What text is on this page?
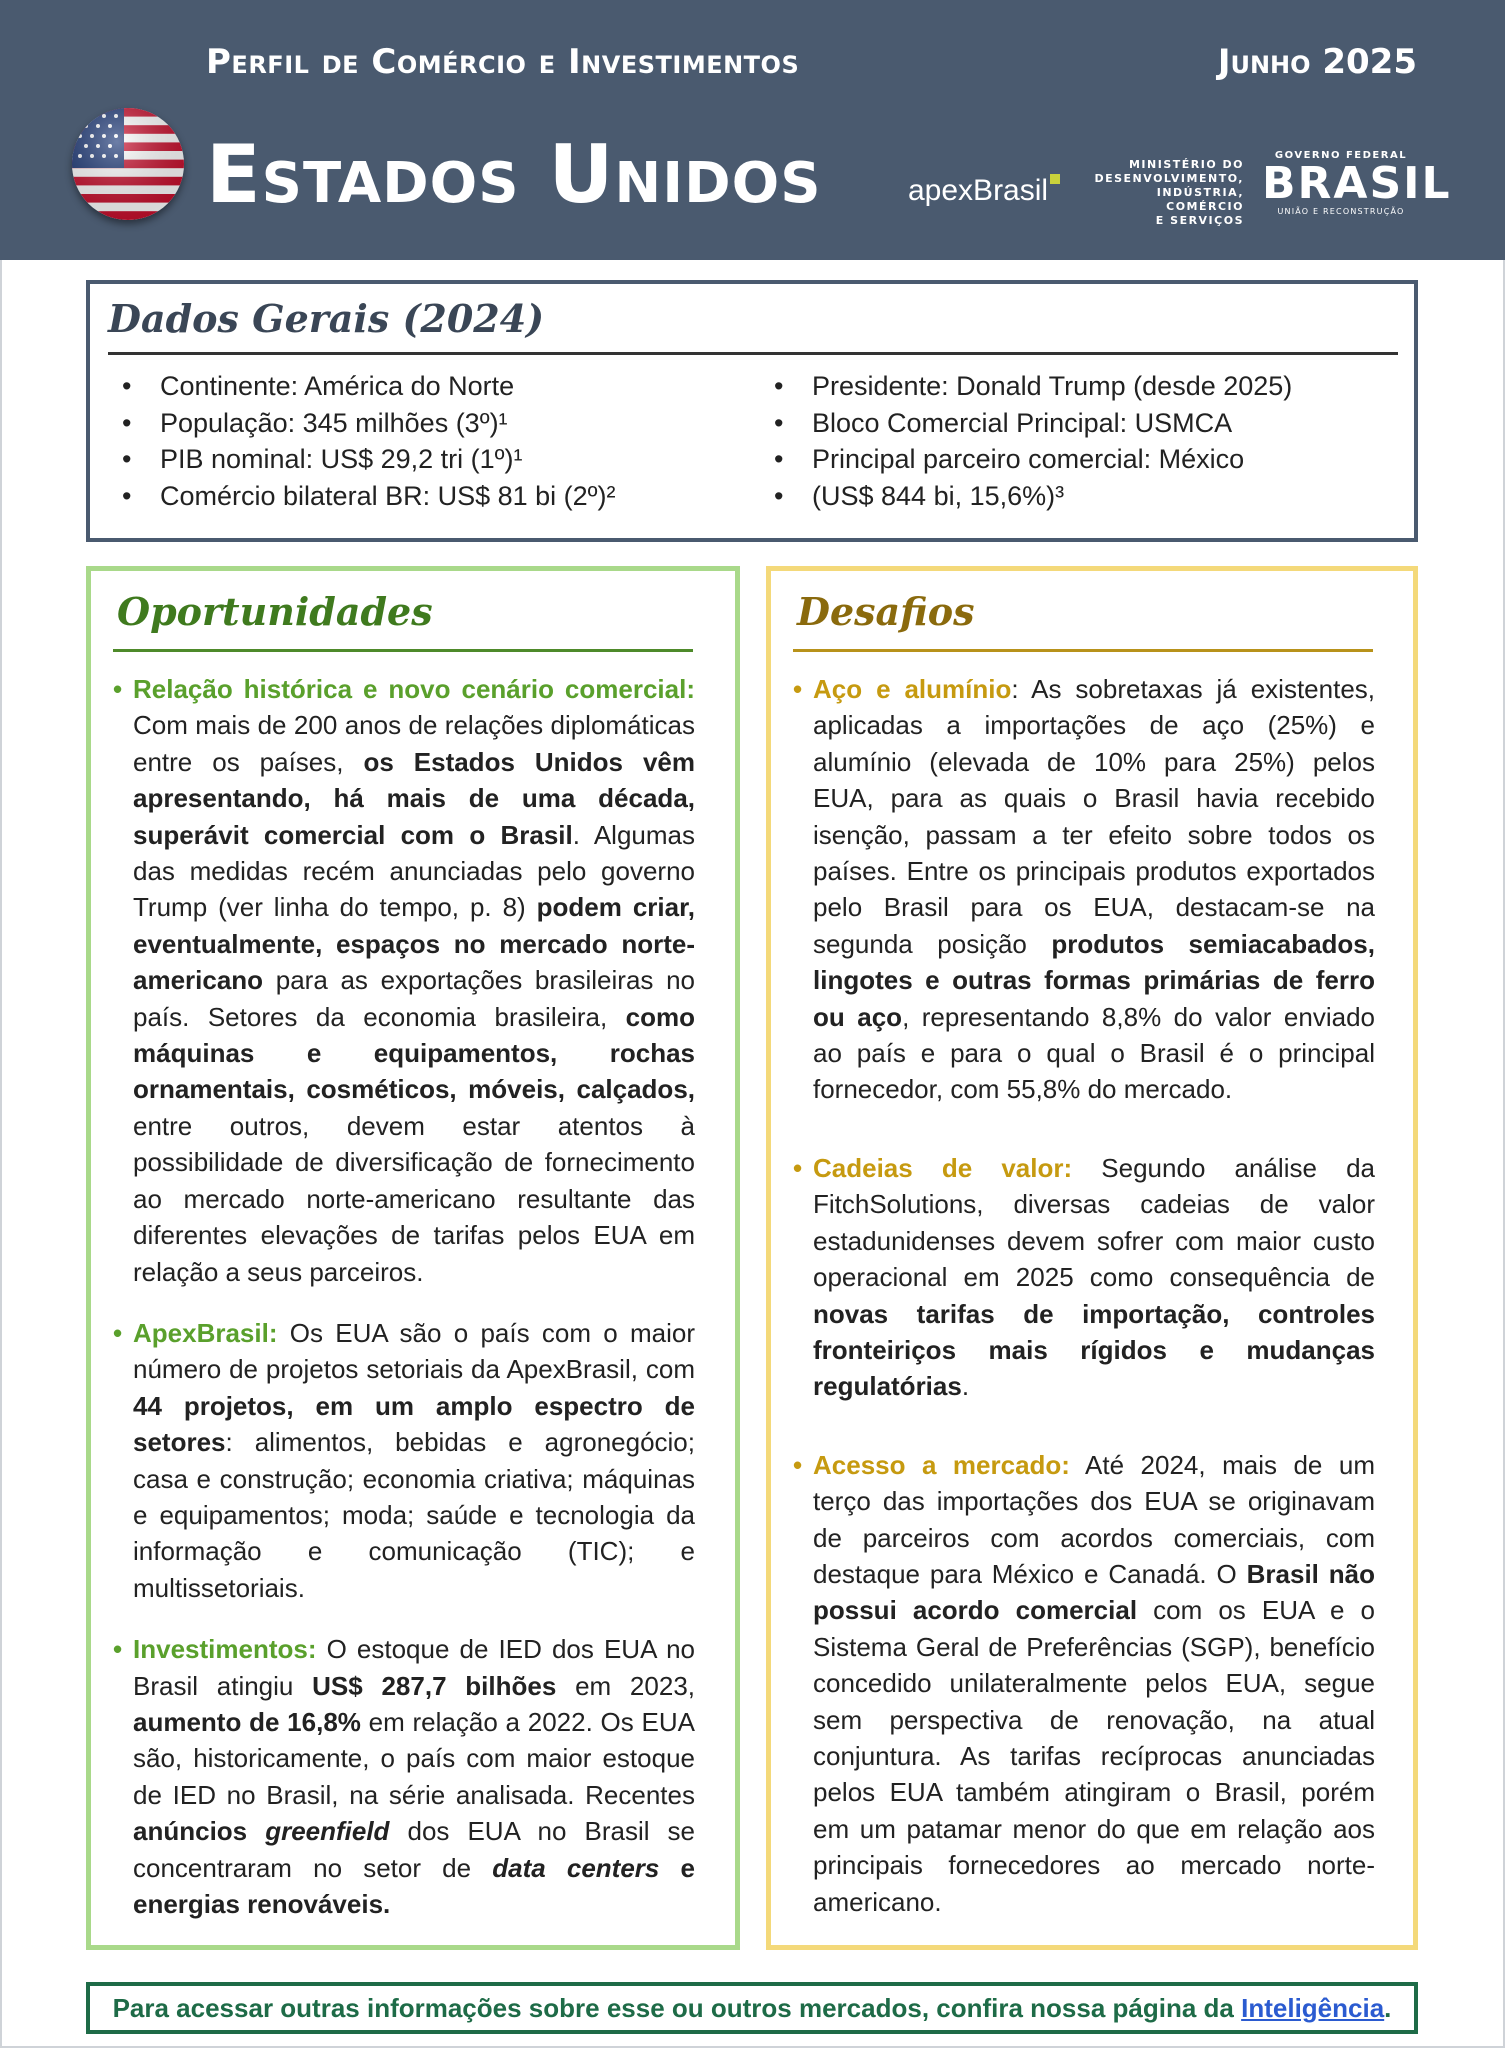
Perfil de Comércio e Investimentos	Junho 2025
Estados Unidos	apexBrasil
MINISTÉRIO DO
DESENVOLVIMENTO,
INDÚSTRIA, COMÉRCIO
E SERVIÇOS
GOVERNO FEDERAL
BRASIL
UNIÃO E RECONSTRUÇÃO
Dados Gerais (2024)
• Continente: América do Norte
• População: 345 milhões (3º)¹
• PIB nominal: US$ 29,2 tri (1º)¹
• Comércio bilateral BR: US$ 81 bi (2º)²
• Presidente: Donald Trump (desde 2025)
• Bloco Comercial Principal: USMCA
• Principal parceiro comercial: México
• (US$ 844 bi, 15,6%)³
Oportunidades
• Relação histórica e novo cenário comercial: Com mais de 200 anos de relações diplomáticas entre os países, os Estados Unidos vêm apresentando, há mais de uma década, superávit comercial com o Brasil. Algumas das medidas recém anunciadas pelo governo Trump (ver linha do tempo, p. 8) podem criar, eventualmente, espaços no mercado norte-americano para as exportações brasileiras no país. Setores da economia brasileira, como máquinas e equipamentos, rochas ornamentais, cosméticos, móveis, calçados, entre outros, devem estar atentos à possibilidade de diversificação de fornecimento ao mercado norte-americano resultante das diferentes elevações de tarifas pelos EUA em relação a seus parceiros.
• ApexBrasil: Os EUA são o país com o maior número de projetos setoriais da ApexBrasil, com 44 projetos, em um amplo espectro de setores: alimentos, bebidas e agronegócio; casa e construção; economia criativa; máquinas e equipamentos; moda; saúde e tecnologia da informação e comunicação (TIC); e multissetoriais.
• Investimentos: O estoque de IED dos EUA no Brasil atingiu US$ 287,7 bilhões em 2023, aumento de 16,8% em relação a 2022. Os EUA são, historicamente, o país com maior estoque de IED no Brasil, na série analisada. Recentes anúncios greenfield dos EUA no Brasil se concentraram no setor de data centers e energias renováveis.
Desafios
• Aço e alumínio: As sobretaxas já existentes, aplicadas a importações de aço (25%) e alumínio (elevada de 10% para 25%) pelos EUA, para as quais o Brasil havia recebido isenção, passam a ter efeito sobre todos os países. Entre os principais produtos exportados pelo Brasil para os EUA, destacam-se na segunda posição produtos semiacabados, lingotes e outras formas primárias de ferro ou aço, representando 8,8% do valor enviado ao país e para o qual o Brasil é o principal fornecedor, com 55,8% do mercado.
• Cadeias de valor: Segundo análise da FitchSolutions, diversas cadeias de valor estadunidenses devem sofrer com maior custo operacional em 2025 como consequência de novas tarifas de importação, controles fronteiriços mais rígidos e mudanças regulatórias.
• Acesso a mercado: Até 2024, mais de um terço das importações dos EUA se originavam de parceiros com acordos comerciais, com destaque para México e Canadá. O Brasil não possui acordo comercial com os EUA e o Sistema Geral de Preferências (SGP), benefício concedido unilateralmente pelos EUA, segue sem perspectiva de renovação, na atual conjuntura. As tarifas recíprocas anunciadas pelos EUA também atingiram o Brasil, porém em um patamar menor do que em relação aos principais fornecedores ao mercado norte-americano.
Para acessar outras informações sobre esse ou outros mercados, confira nossa página da Inteligência.
